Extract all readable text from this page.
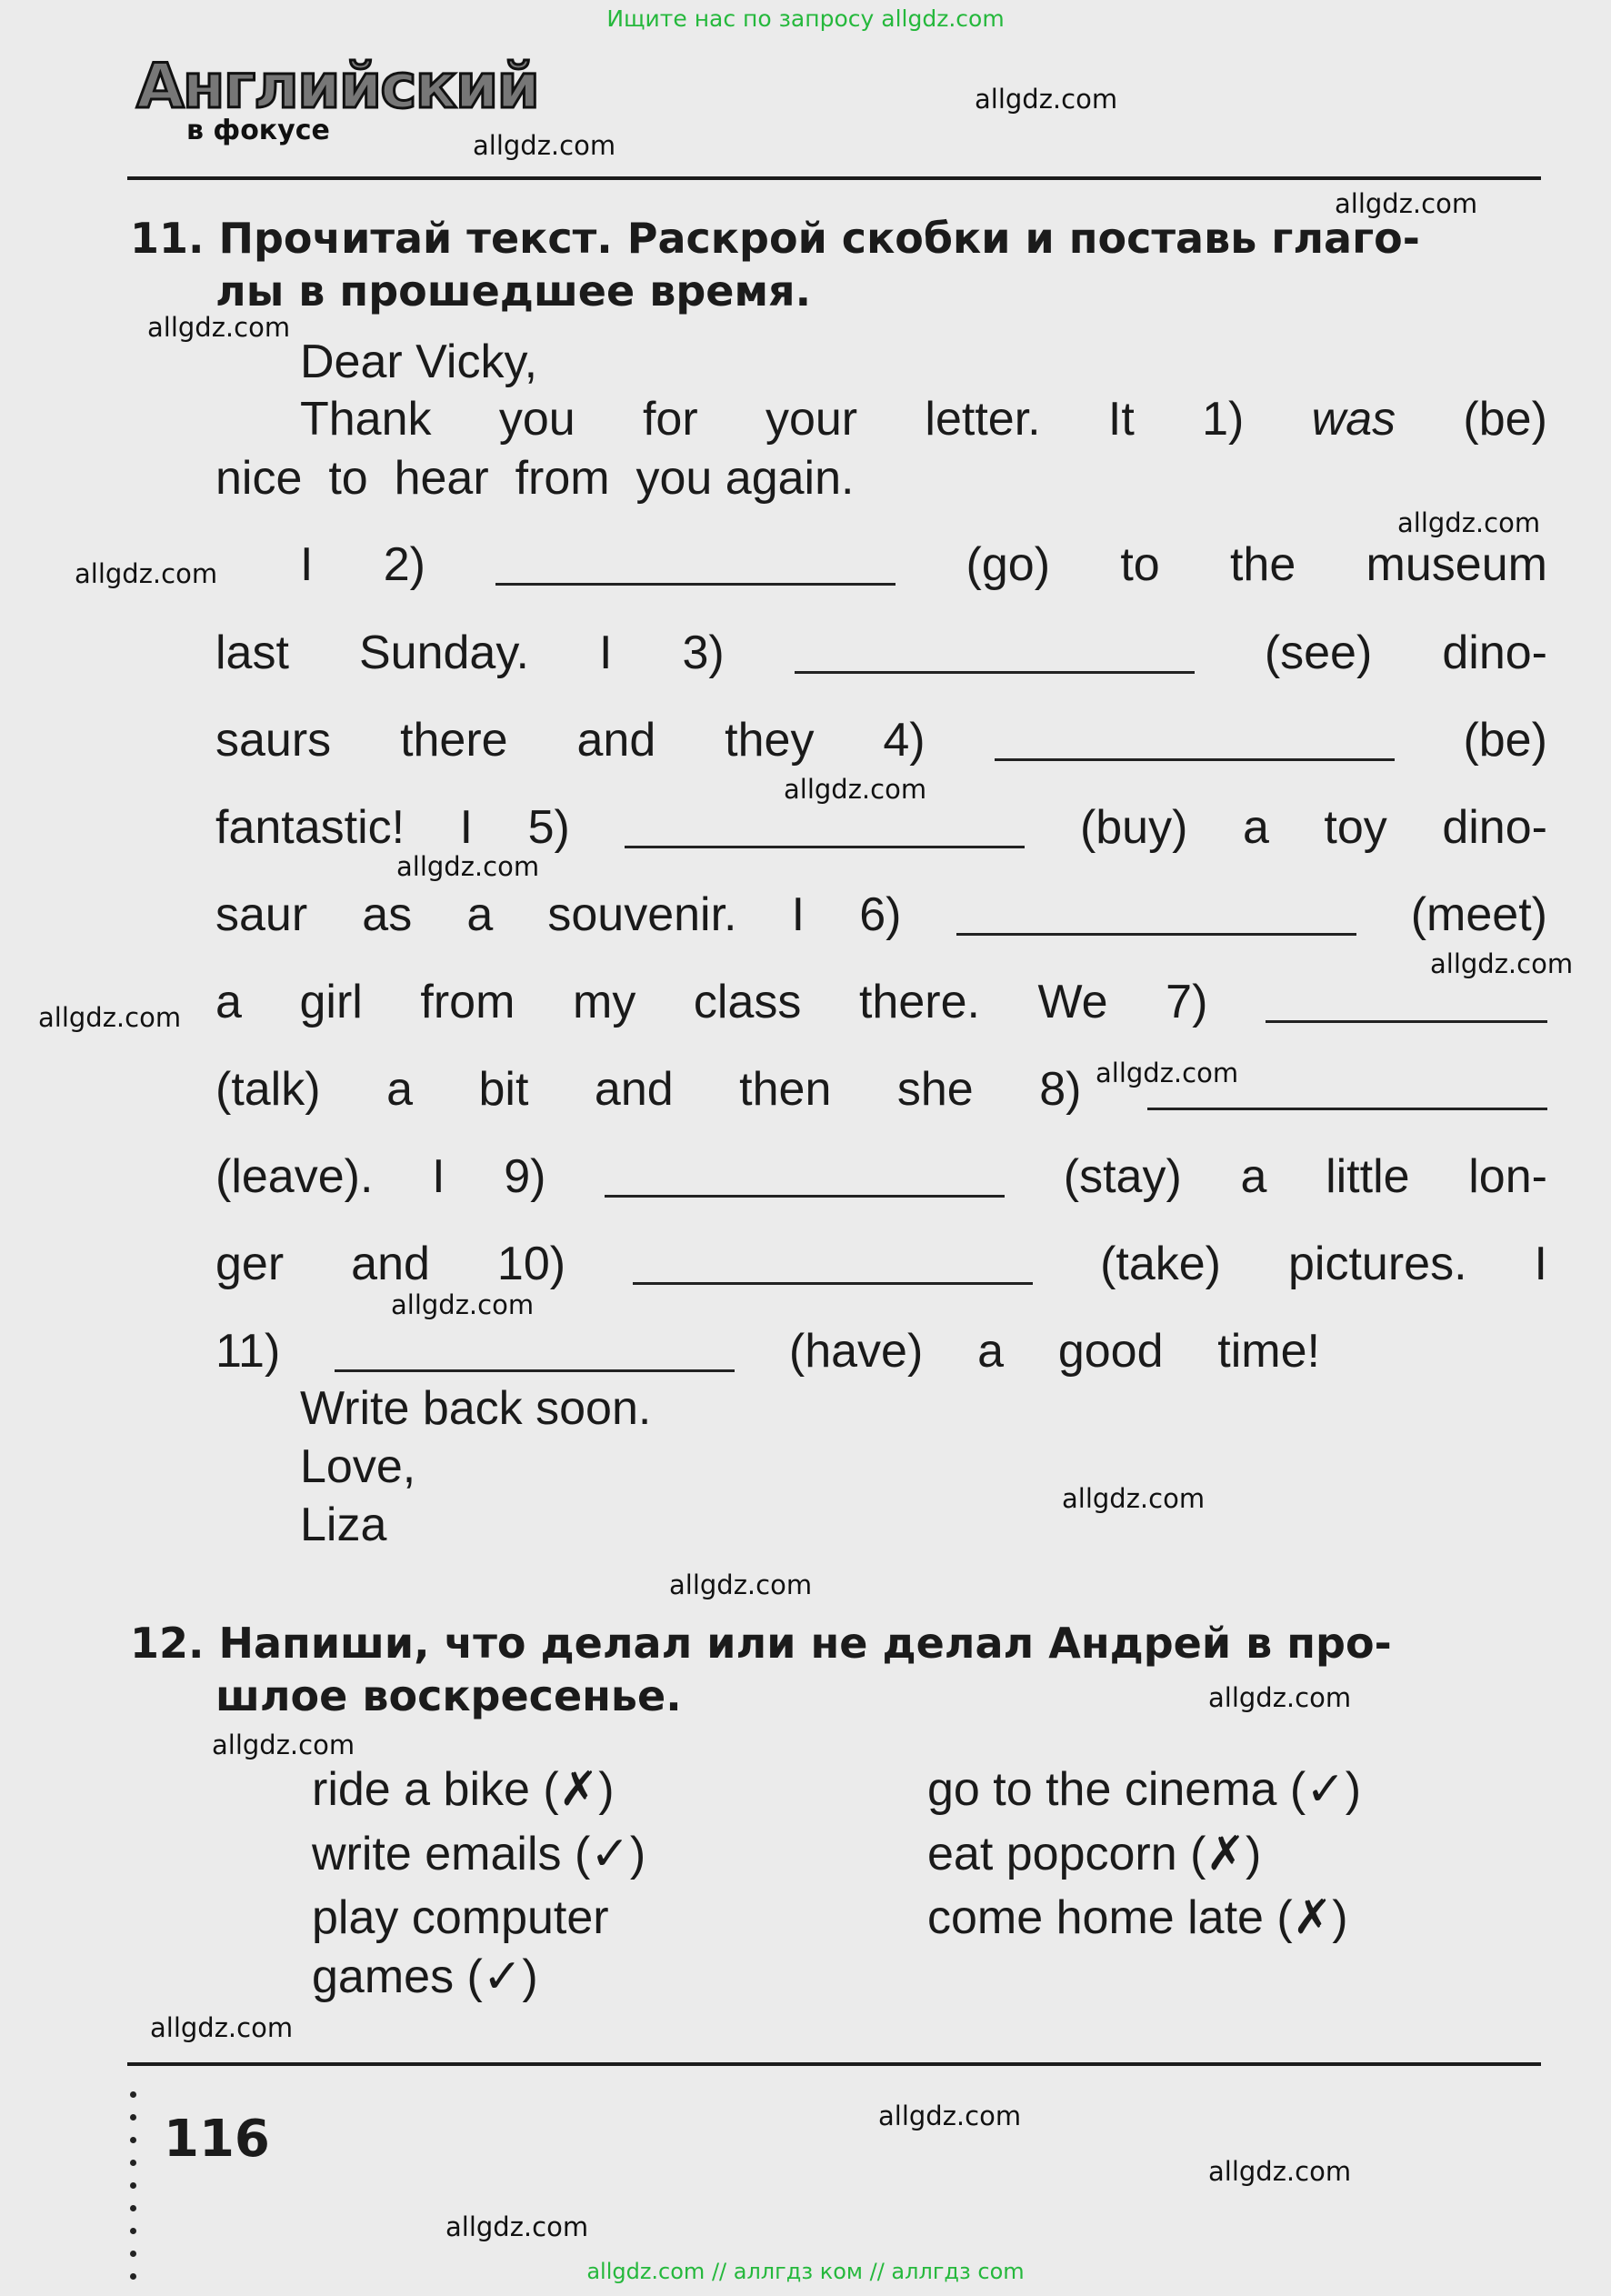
Ищите нас по запросу allgdz.com
allgdz.com // аллгдз ком // аллгдз com
Английский
в фокусе
11. Прочитай текст. Раскрой скобки и поставь глаго-
лы в прошедшее время.
Dear Vicky,
Thank you for your letter. It 1) was (be)
nice to hear from you again.
I 2)	(go) to the museum
last Sunday. I 3)	(see) dino-
saurs there and they 4)	(be)
fantastic! I 5)	(buy) a toy dino-
saur as a souvenir. I 6)	(meet)
a girl from my class there. We 7)
(talk) a bit and then she 8)
(leave). I 9)	(stay) a little lon-
ger and 10)	(take) pictures. I
11)	(have) a good time!
Write back soon.
Love,
Liza
12. Напиши, что делал или не делал Андрей в про-
шлое воскресенье.
ride a bike (✗)
write emails (✓)
play computer
games (✓)
go to the cinema (✓)
eat popcorn (✗)
come home late (✗)
116
allgdz.com
allgdz.com
allgdz.com
allgdz.com
allgdz.com
allgdz.com
allgdz.com
allgdz.com
allgdz.com
allgdz.com
allgdz.com
allgdz.com
allgdz.com
allgdz.com
allgdz.com
allgdz.com
allgdz.com
allgdz.com
allgdz.com
allgdz.com
